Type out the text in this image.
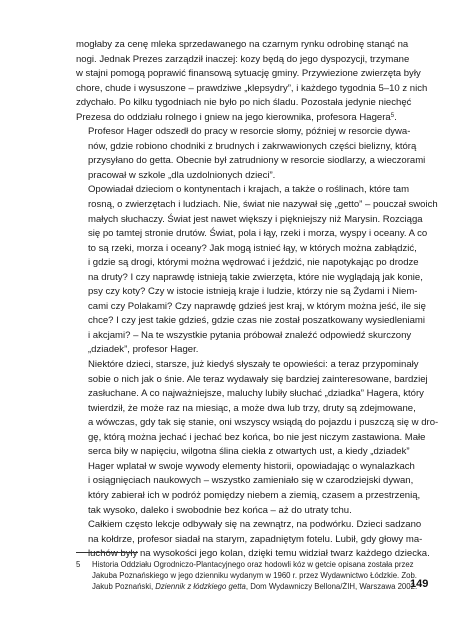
mogłaby za cenę mleka sprzedawanego na czarnym rynku odrobinę stanąć na
nogi. Jednak Prezes zarządził inaczej: kozy będą do jego dyspozycji, trzymane
w stajni pomogą poprawić finansową sytuację gminy. Przywiezione zwierzęta były
chore, chude i wysuszone – prawdziwe „klepsydry”, i każdego tygodnia 5–10 z nich
zdychało. Po kilku tygodniach nie było po nich śladu. Pozostała jedynie niechęć
Prezesa do oddziału rolnego i gniew na jego kierownika, profesora Hagera$^5$.

Profesor Hager odszedł do pracy w resorcie słomy, później w resorcie dywa-
nów, gdzie robiono chodniki z brudnych i zakrwawionych części bielizny, którą
przysyłano do getta. Obecnie był zatrudniony w resorcie siodlarzy, a wieczorami
pracował w szkole „dla uzdolnionych dzieci”.

Opowiadał dzieciom o kontynentach i krajach, a także o roślinach, które tam
rosną, o zwierzętach i ludziach. Nie, świat nie nazywał się „getto” – pouczał swoich
małych słuchaczy. Świat jest nawet większy i piękniejszy niż Marysin. Rozciąga
się po tamtej stronie drutów. Świat, pola i łąy, rzeki i morza, wyspy i oceany. A co
to są rzeki, morza i oceany? Jak mogą istnieć łąy, w których można zabłądzić,
i gdzie są drogi, którymi można wędrować i jeździć, nie napotykając po drodze
na druty? I czy naprawdę istnieją takie zwierzęta, które nie wyglądają jak konie,
psy czy koty? Czy w istocie istnieją kraje i ludzie, którzy nie są Żydami i Niem-
cami czy Polakami? Czy naprawdę gdzieś jest kraj, w którym można jeść, ile się
chce? I czy jest takie gdzieś, gdzie czas nie został poszatkowany wysiedleniami
i akcjami? – Na te wszystkie pytania próbował znaleźć odpowiedź skurczony
„dziadek”, profesor Hager.

Niektóre dzieci, starsze, już kiedyś słyszały te opowieści: a teraz przypominały
sobie o nich jak o śnie. Ale teraz wydawały się bardziej zainteresowane, bardziej
zasłuchane. A co najważniejsze, maluchy lubiły słuchać „dziadka” Hagera, który
twierdził, że może raz na miesiąc, a może dwa lub trzy, druty są zdejmowane,
a wówczas, gdy tak się stanie, oni wszyscy wsiądą do pojazdu i puszczą się w dro-
gę, którą można jechać i jechać bez końca, bo nie jest niczym zastawiona. Małe
serca biły w napięciu, wilgotna ślina ciekła z otwartych ust, a kiedy „dziadek”
Hager wplatał w swoje wywody elementy historii, opowiadając o wynalazkach
i osiągnięciach naukowych – wszystko zamieniało się w czarodziejski dywan,
który zabierał ich w podróż pomiędzy niebem a ziemią, czasem a przestrzenią,
tak wysoko, daleko i swobodnie bez końca – aż do utraty tchu.

Całkiem często lekcje odbywały się na zewnątrz, na podwórku. Dzieci sadzano
na kołdrze, profesor siadał na starym, zapadniętym fotelu. Lubił, gdy głowy ma-
luchów były na wysokości jego kolan, dzięki temu widział twarz każdego dziecka.

5 Historia Oddziału Ogrodniczo-Plantacyjnego oraz hodowli kóz w getcie opisana została przez
Jakuba Poznańskiego w jego dzienniku wydanym w 1960 r. przez Wydawnictwo Łódzkie. Zob.
Jakub Poznański, Dziennik z łódzkiego getta, Dom Wydawniczy Bellona/ŻIH, Warszawa 2002.
149
